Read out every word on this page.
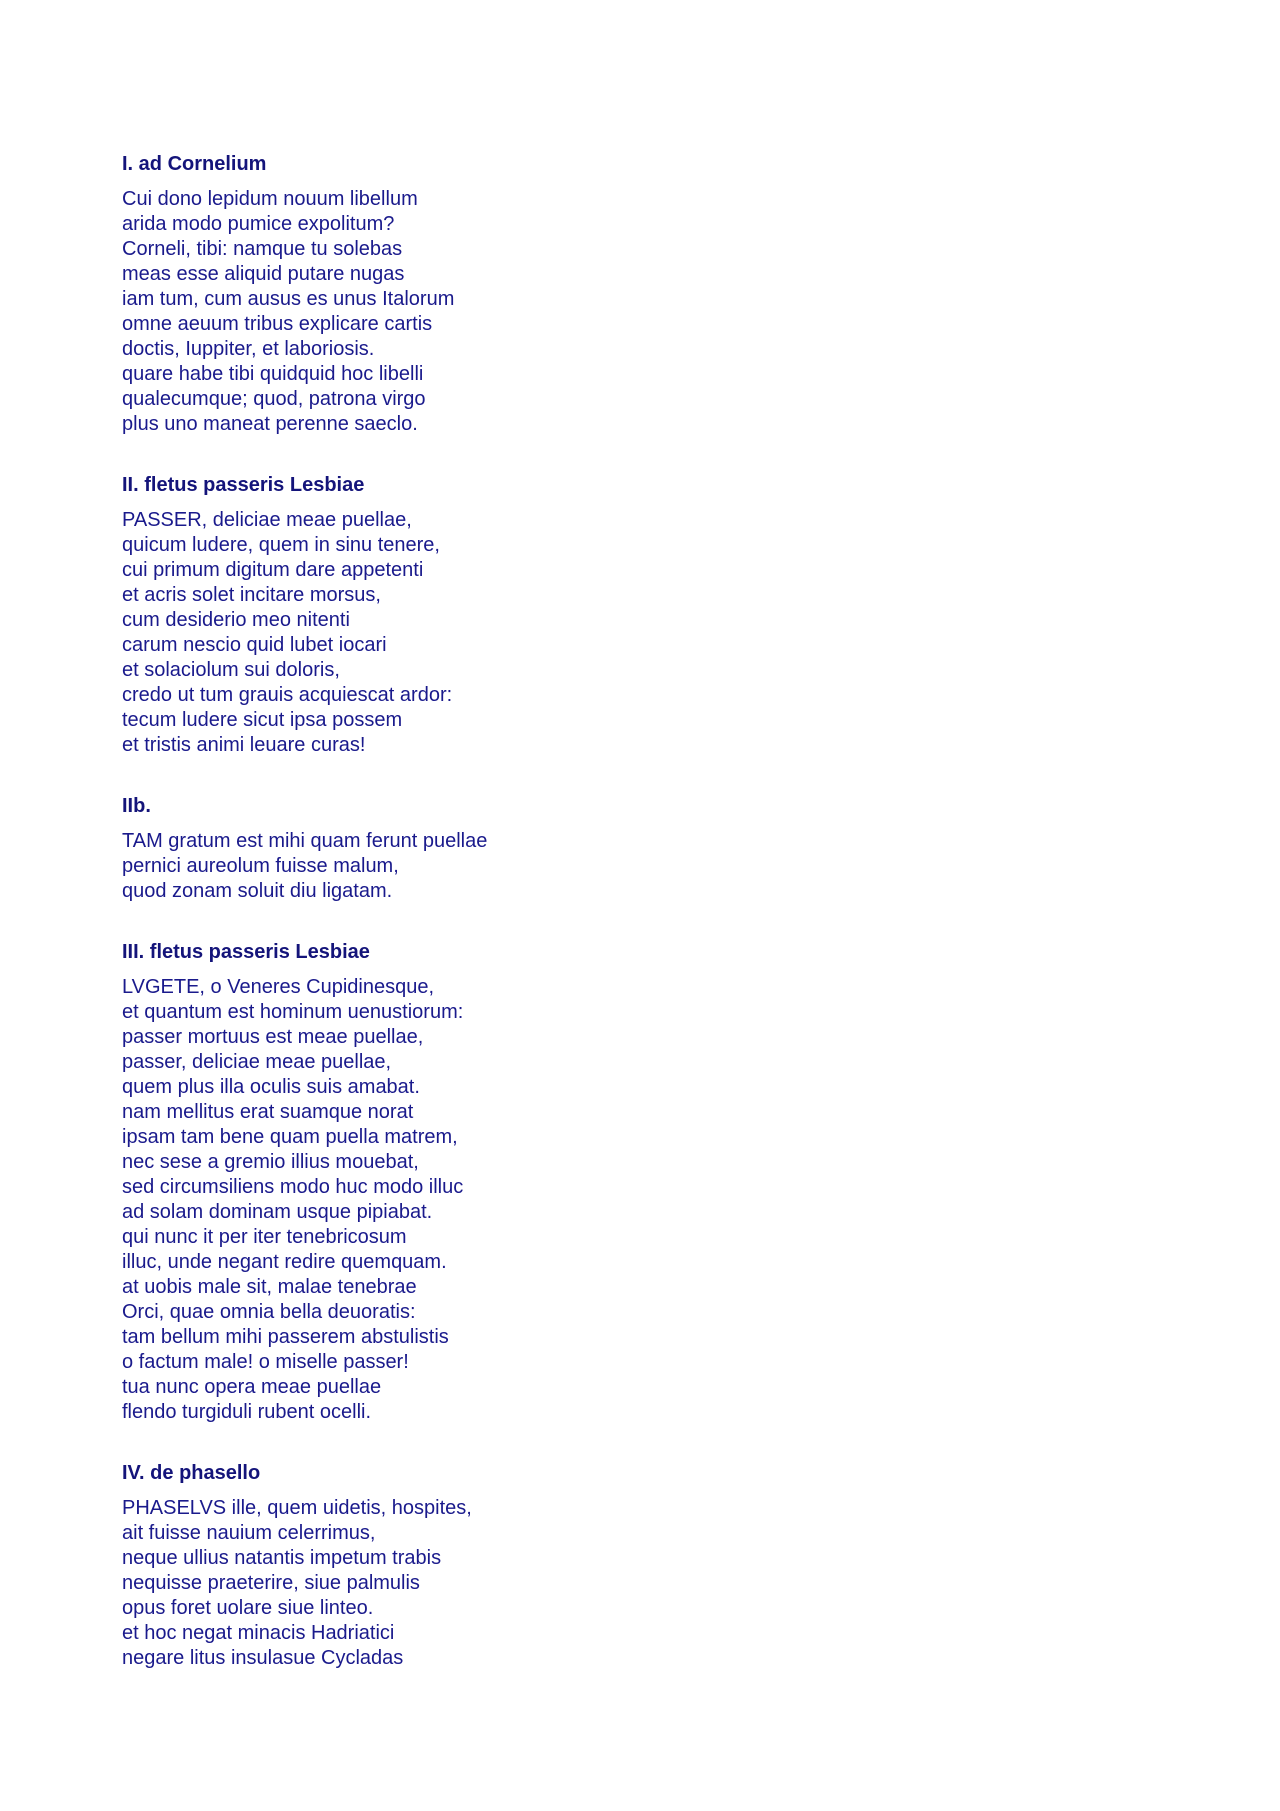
I. ad Cornelium
Cui dono lepidum nouum libellum
arida modo pumice expolitum?
Corneli, tibi: namque tu solebas
meas esse aliquid putare nugas
iam tum, cum ausus es unus Italorum
omne aeuum tribus explicare cartis
doctis, Iuppiter, et laboriosis.
quare habe tibi quidquid hoc libelli
qualecumque; quod, patrona virgo
plus uno maneat perenne saeclo.
II. fletus passeris Lesbiae
PASSER, deliciae meae puellae,
quicum ludere, quem in sinu tenere,
cui primum digitum dare appetenti
et acris solet incitare morsus,
cum desiderio meo nitenti
carum nescio quid lubet iocari
et solaciolum sui doloris,
credo ut tum grauis acquiescat ardor:
tecum ludere sicut ipsa possem
et tristis animi leuare curas!
IIb.
TAM gratum est mihi quam ferunt puellae
pernici aureolum fuisse malum,
quod zonam soluit diu ligatam.
III. fletus passeris Lesbiae
LVGETE, o Veneres Cupidinesque,
et quantum est hominum uenustiorum:
passer mortuus est meae puellae,
passer, deliciae meae puellae,
quem plus illa oculis suis amabat.
nam mellitus erat suamque norat
ipsam tam bene quam puella matrem,
nec sese a gremio illius mouebat,
sed circumsiliens modo huc modo illuc
ad solam dominam usque pipiabat.
qui nunc it per iter tenebricosum
illuc, unde negant redire quemquam.
at uobis male sit, malae tenebrae
Orci, quae omnia bella deuoratis:
tam bellum mihi passerem abstulistis
o factum male! o miselle passer!
tua nunc opera meae puellae
flendo turgiduli rubent ocelli.
IV. de phasello
PHASELVS ille, quem uidetis, hospites,
ait fuisse nauium celerrimus,
neque ullius natantis impetum trabis
nequisse praeterire, siue palmulis
opus foret uolare siue linteo.
et hoc negat minacis Hadriatici
negare litus insulasue Cycladas
